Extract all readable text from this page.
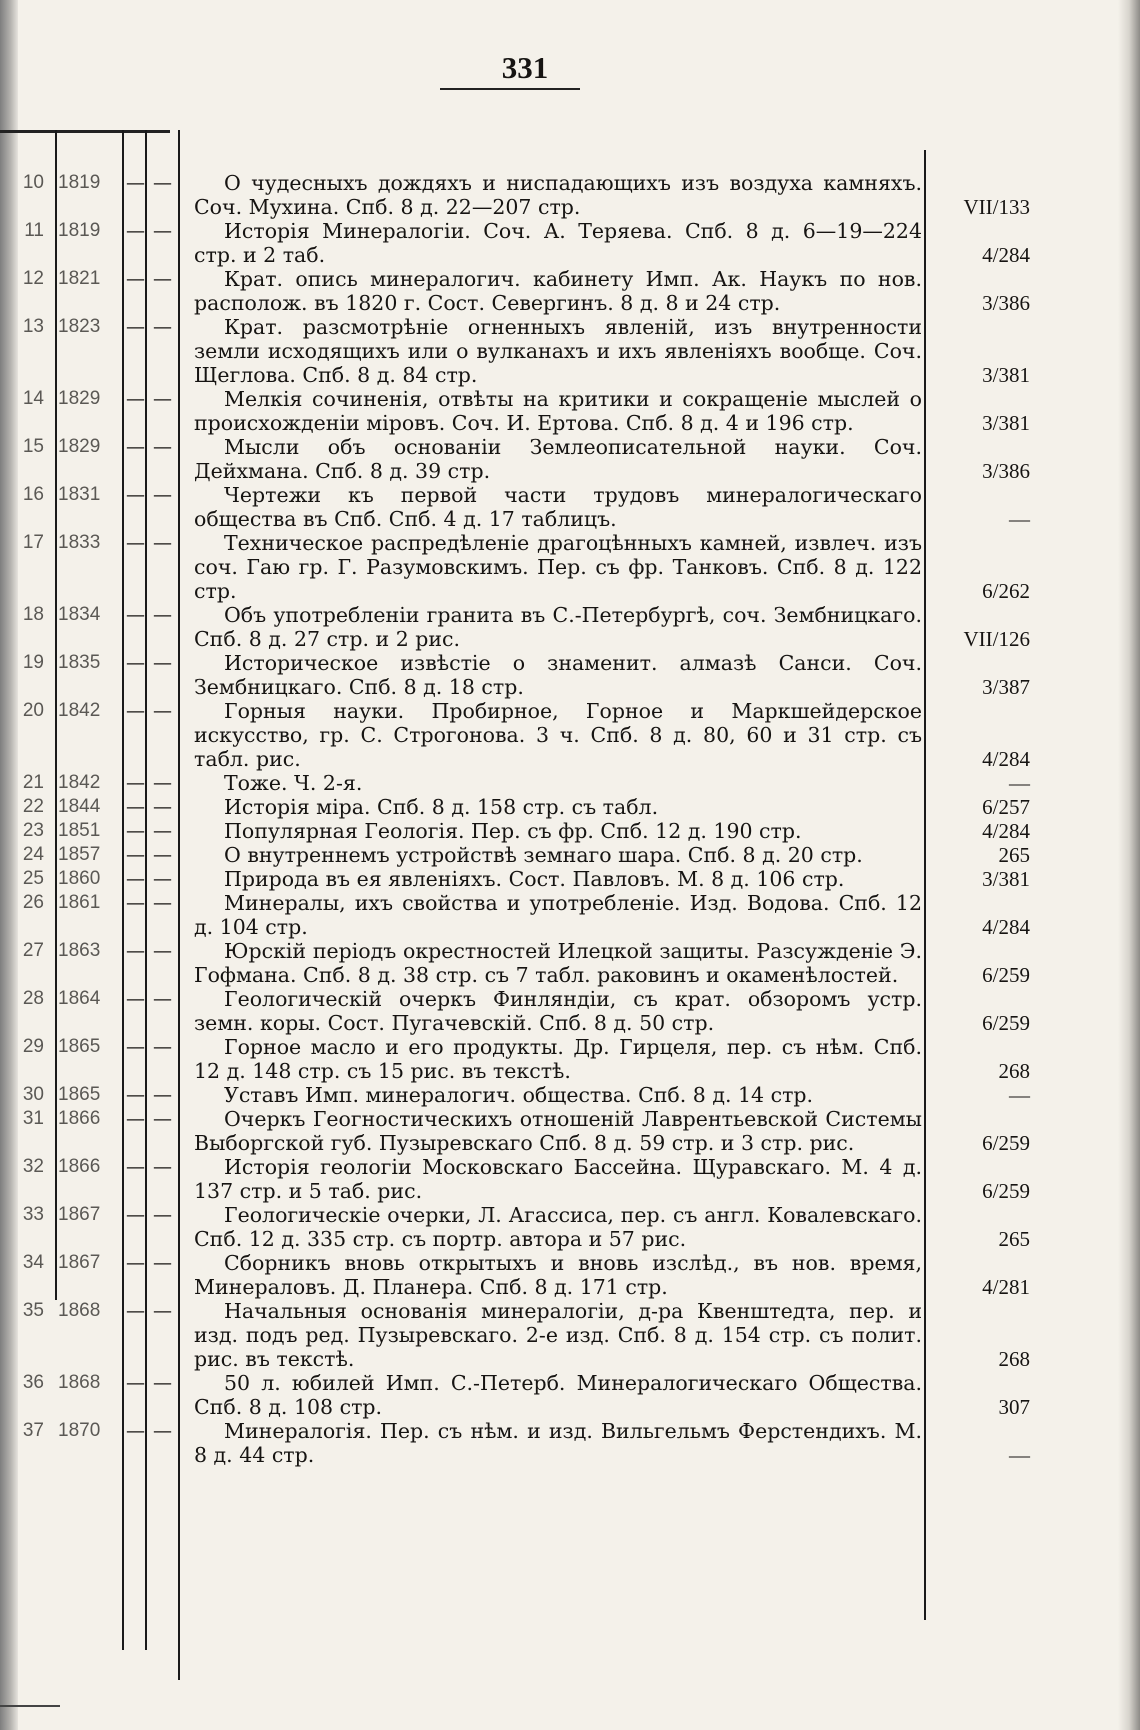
331
10 1819	— —	О чудесныхъ дождяхъ и ниспадающихъ изъ воздуха камняхъ. Соч. Мухина. Спб. 8 д. 22—207 стр.	VII/133
11 1819	— —	Исторія Минералогіи. Соч. А. Теряева. Спб. 8 д. 6—19—224 стр. и 2 таб.	4/284
12 1821	— —	Крат. опись минералогич. кабинету Имп. Ак. Наукъ по нов. располож. въ 1820 г. Сост. Севергинъ. 8 д. 8 и 24 стр.	3/386
13 1823	— —	Крат. разсмотрѣніе огненныхъ явленій, изъ внутренности земли исходящихъ или о вулканахъ и ихъ явленіяхъ вообще. Соч. Щеглова. Спб. 8 д. 84 стр.	3/381
14 1829	— —	Мелкія сочиненія, отвѣты на критики и сокращеніе мыслей о происхожденіи міровъ. Соч. И. Ертова. Спб. 8 д. 4 и 196 стр.	3/381
15 1829	— —	Мысли объ основаніи Землеописательной науки. Соч. Дейхмана. Спб. 8 д. 39 стр.	3/386
16 1831	— —	Чертежи къ первой части трудовъ минералогическаго общества въ Спб. Спб. 4 д. 17 таблицъ.	—
17 1833	— —	Техническое распредѣленіе драгоцѣнныхъ камней, извлеч. изъ соч. Гаю гр. Г. Разумовскимъ. Пер. съ фр. Танковъ. Спб. 8 д. 122 стр.	6/262
18 1834	— —	Объ употребленіи гранита въ С.-Петербургѣ, соч. Зембницкаго. Спб. 8 д. 27 стр. и 2 рис.	VII/126
19 1835	— —	Историческое извѣстіе о знаменит. алмазѣ Санси. Соч. Зембницкаго. Спб. 8 д. 18 стр.	3/387
20 1842	— —	Горныя науки. Пробирное, Горное и Маркшейдерское искусство, гр. С. Строгонова. 3 ч. Спб. 8 д. 80, 60 и 31 стр. съ табл. рис.	4/284
21 1842	— —	Тоже. Ч. 2-я.	—
22 1844	— —	Исторія міра. Спб. 8 д. 158 стр. съ табл.	6/257
23 1851	— —	Популярная Геологія. Пер. съ фр. Спб. 12 д. 190 стр.	4/284
24 1857	— —	О внутреннемъ устройствѣ земнаго шара. Спб. 8 д. 20 стр.	265
25 1860	— —	Природа въ ея явленіяхъ. Сост. Павловъ. М. 8 д. 106 стр.	3/381
26 1861	— —	Минералы, ихъ свойства и употребленіе. Изд. Водова. Спб. 12 д. 104 стр.	4/284
27 1863	— —	Юрскій періодъ окрестностей Илецкой защиты. Разсужденіе Э. Гофмана. Спб. 8 д. 38 стр. съ 7 табл. раковинъ и окаменѣлостей.	6/259
28 1864	— —	Геологическій очеркъ Финляндіи, съ крат. обзоромъ устр. земн. коры. Сост. Пугачевскій. Спб. 8 д. 50 стр.	6/259
29 1865	— —	Горное масло и его продукты. Др. Гирцеля, пер. съ нѣм. Спб. 12 д. 148 стр. съ 15 рис. въ текстѣ.	268
30 1865	— —	Уставъ Имп. минералогич. общества. Спб. 8 д. 14 стр.	—
31 1866	— —	Очеркъ Геогностическихъ отношеній Лаврентьевской Системы Выборгской губ. Пузыревскаго Спб. 8 д. 59 стр. и 3 стр. рис.	6/259
32 1866	— —	Исторія геологіи Московскаго Бассейна. Щуравскаго. М. 4 д. 137 стр. и 5 таб. рис.	6/259
33 1867	— —	Геологическіе очерки, Л. Агассиса, пер. съ англ. Ковалевскаго. Спб. 12 д. 335 стр. съ портр. автора и 57 рис.	265
34 1867	— —	Сборникъ вновь открытыхъ и вновь изслѣд., въ нов. время, Минераловъ. Д. Планера. Спб. 8 д. 171 стр.	4/281
35 1868	— —	Начальныя основанія минералогіи, д-ра Квенштедта, пер. и изд. подъ ред. Пузыревскаго. 2-е изд. Спб. 8 д. 154 стр. съ полит. рис. въ текстѣ.	268
36 1868	— —	50 л. юбилей Имп. С.-Петерб. Минералогическаго Общества. Спб. 8 д. 108 стр.	307
37 1870	— —	Минералогія. Пер. съ нѣм. и изд. Вильгельмъ Ферстендихъ. М. 8 д. 44 стр.	—
